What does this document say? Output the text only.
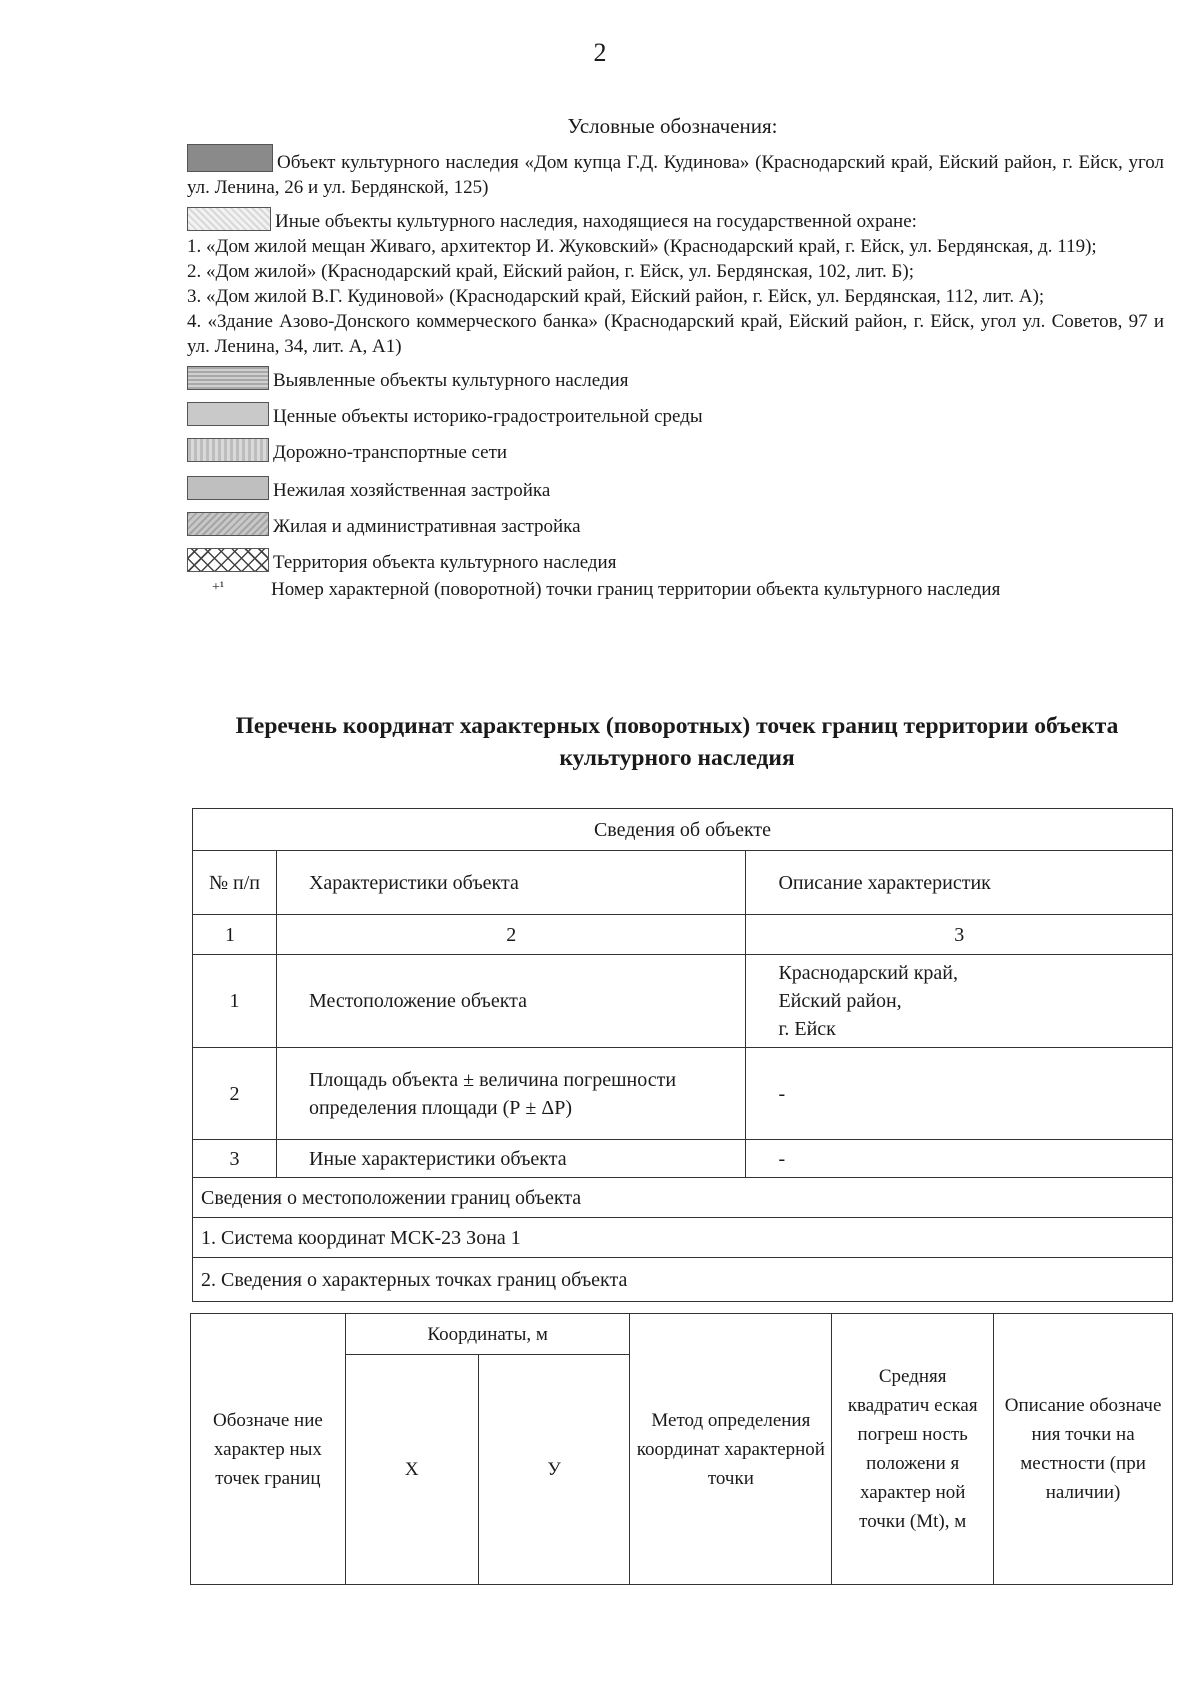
2
Условные обозначения:

Объект культурного наследия «Дом купца Г.Д. Кудинова» (Краснодарский край, Ейский район, г. Ейск, угол ул. Ленина, 26 и ул. Бердянской, 125)

Иные объекты культурного наследия, находящиеся на государственной охране:

1. «Дом жилой мещан Живаго, архитектор И. Жуковский» (Краснодарский край, г. Ейск, ул. Бердянская, д. 119);

2. «Дом жилой» (Краснодарский край, Ейский район, г. Ейск, ул. Бердянская, 102, лит. Б);

3. «Дом жилой В.Г. Кудиновой» (Краснодарский край, Ейский район, г. Ейск, ул. Бердянская, 112, лит. А);

4. «Здание Азово-Донского коммерческого банка» (Краснодарский край, Ейский район, г. Ейск, угол ул. Советов, 97 и ул. Ленина, 34, лит. А, А1)

Выявленные объекты культурного наследия

Ценные объекты историко-градостроительной среды

Дорожно-транспортные сети

Нежилая хозяйственная застройка

Жилая и административная застройка

Территория объекта культурного наследия

+¹ Номер характерной (поворотной) точки границ территории объекта культурного наследия

Перечень координат характерных (поворотных) точек границ территории объекта культурного наследия
Сведения об объекте		
№ п/п	Характеристики объекта	Описание характеристик
1	2	3
1	Местоположение объекта	Краснодарский край,
Ейский район,
г. Ейск

2	Площадь объекта ± величина погрешности определения площади (Р ± ΔР)	-
3	Иные характеристики объекта	-
Сведения о местоположении границ объекта		
1. Система координат МСК-23 Зона 1		
2. Сведения о характерных точках границ объекта		
Обозначе ние характер ных точек границ	Координаты, м		Метод определения координат характерной точки	Средняя квадратич еская погреш ность положени я характер ной точки (Mt), м	Описание обозначе ния точки на местности (при наличии)
	Х	У			
